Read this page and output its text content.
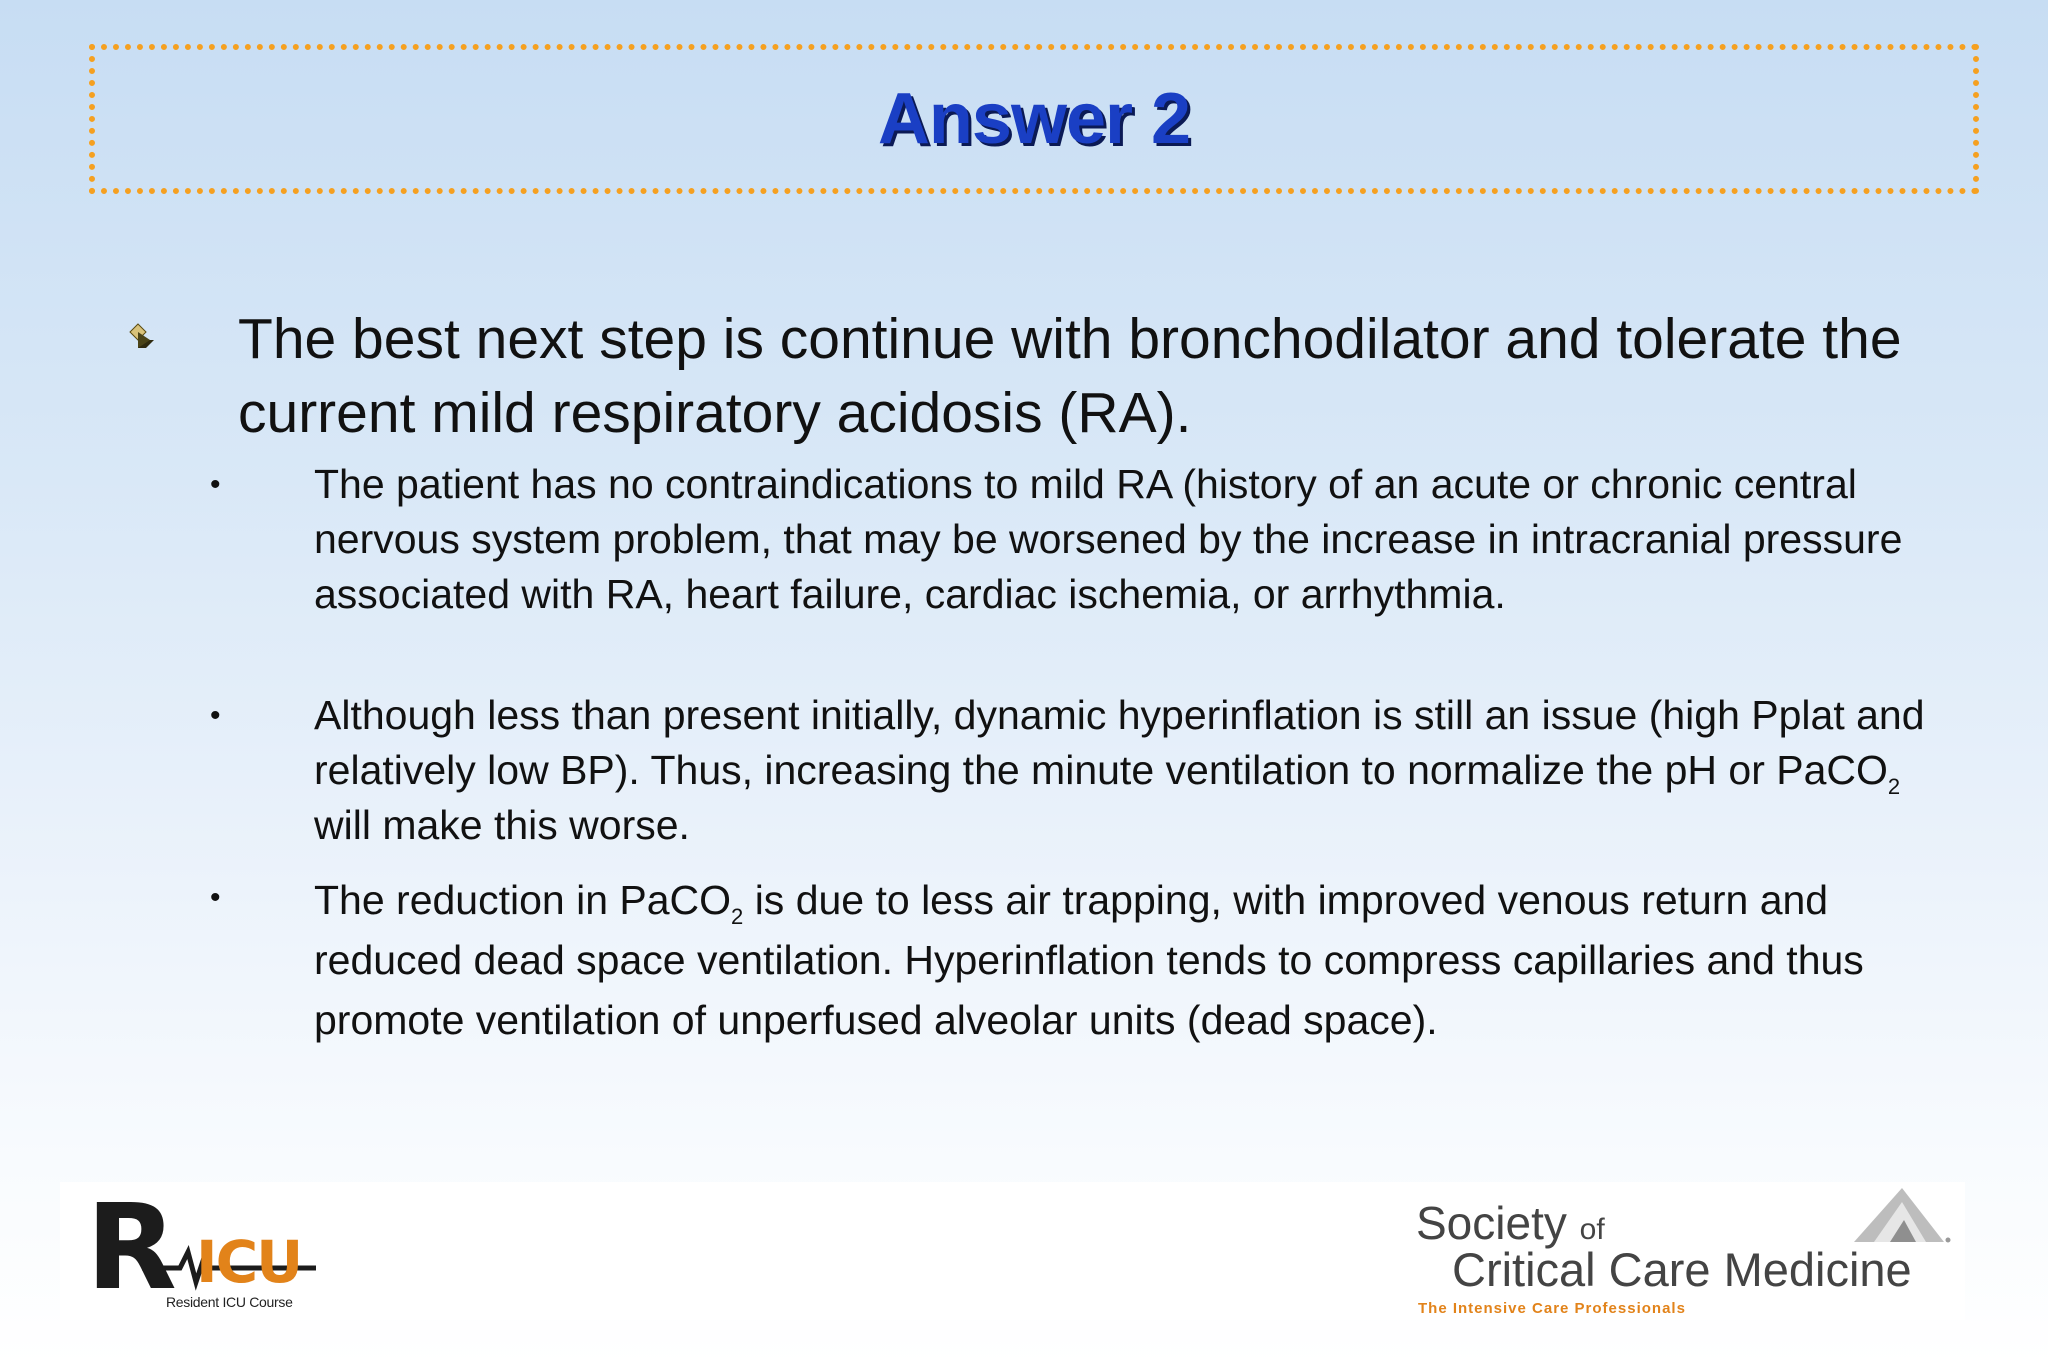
Answer 2
The best next step is continue with bronchodilator and tolerate the current mild respiratory acidosis (RA).
• The patient has no contraindications to mild RA (history of an acute or chronic central nervous system problem, that may be worsened by the increase in intracranial pressure associated with RA, heart failure, cardiac ischemia, or arrhythmia.
• Although less than present initially, dynamic hyperinflation is still an issue (high Pplat and relatively low BP). Thus, increasing the minute ventilation to normalize the pH or PaCO$_2$ will make this worse.
• The reduction in PaCO$_2$ is due to less air trapping, with improved venous return and reduced dead space ventilation. Hyperinflation tends to compress capillaries and thus promote ventilation of unperfused alveolar units (dead space).
R ICU
Resident ICU Course
Society of
Critical Care Medicine
The Intensive Care Professionals
